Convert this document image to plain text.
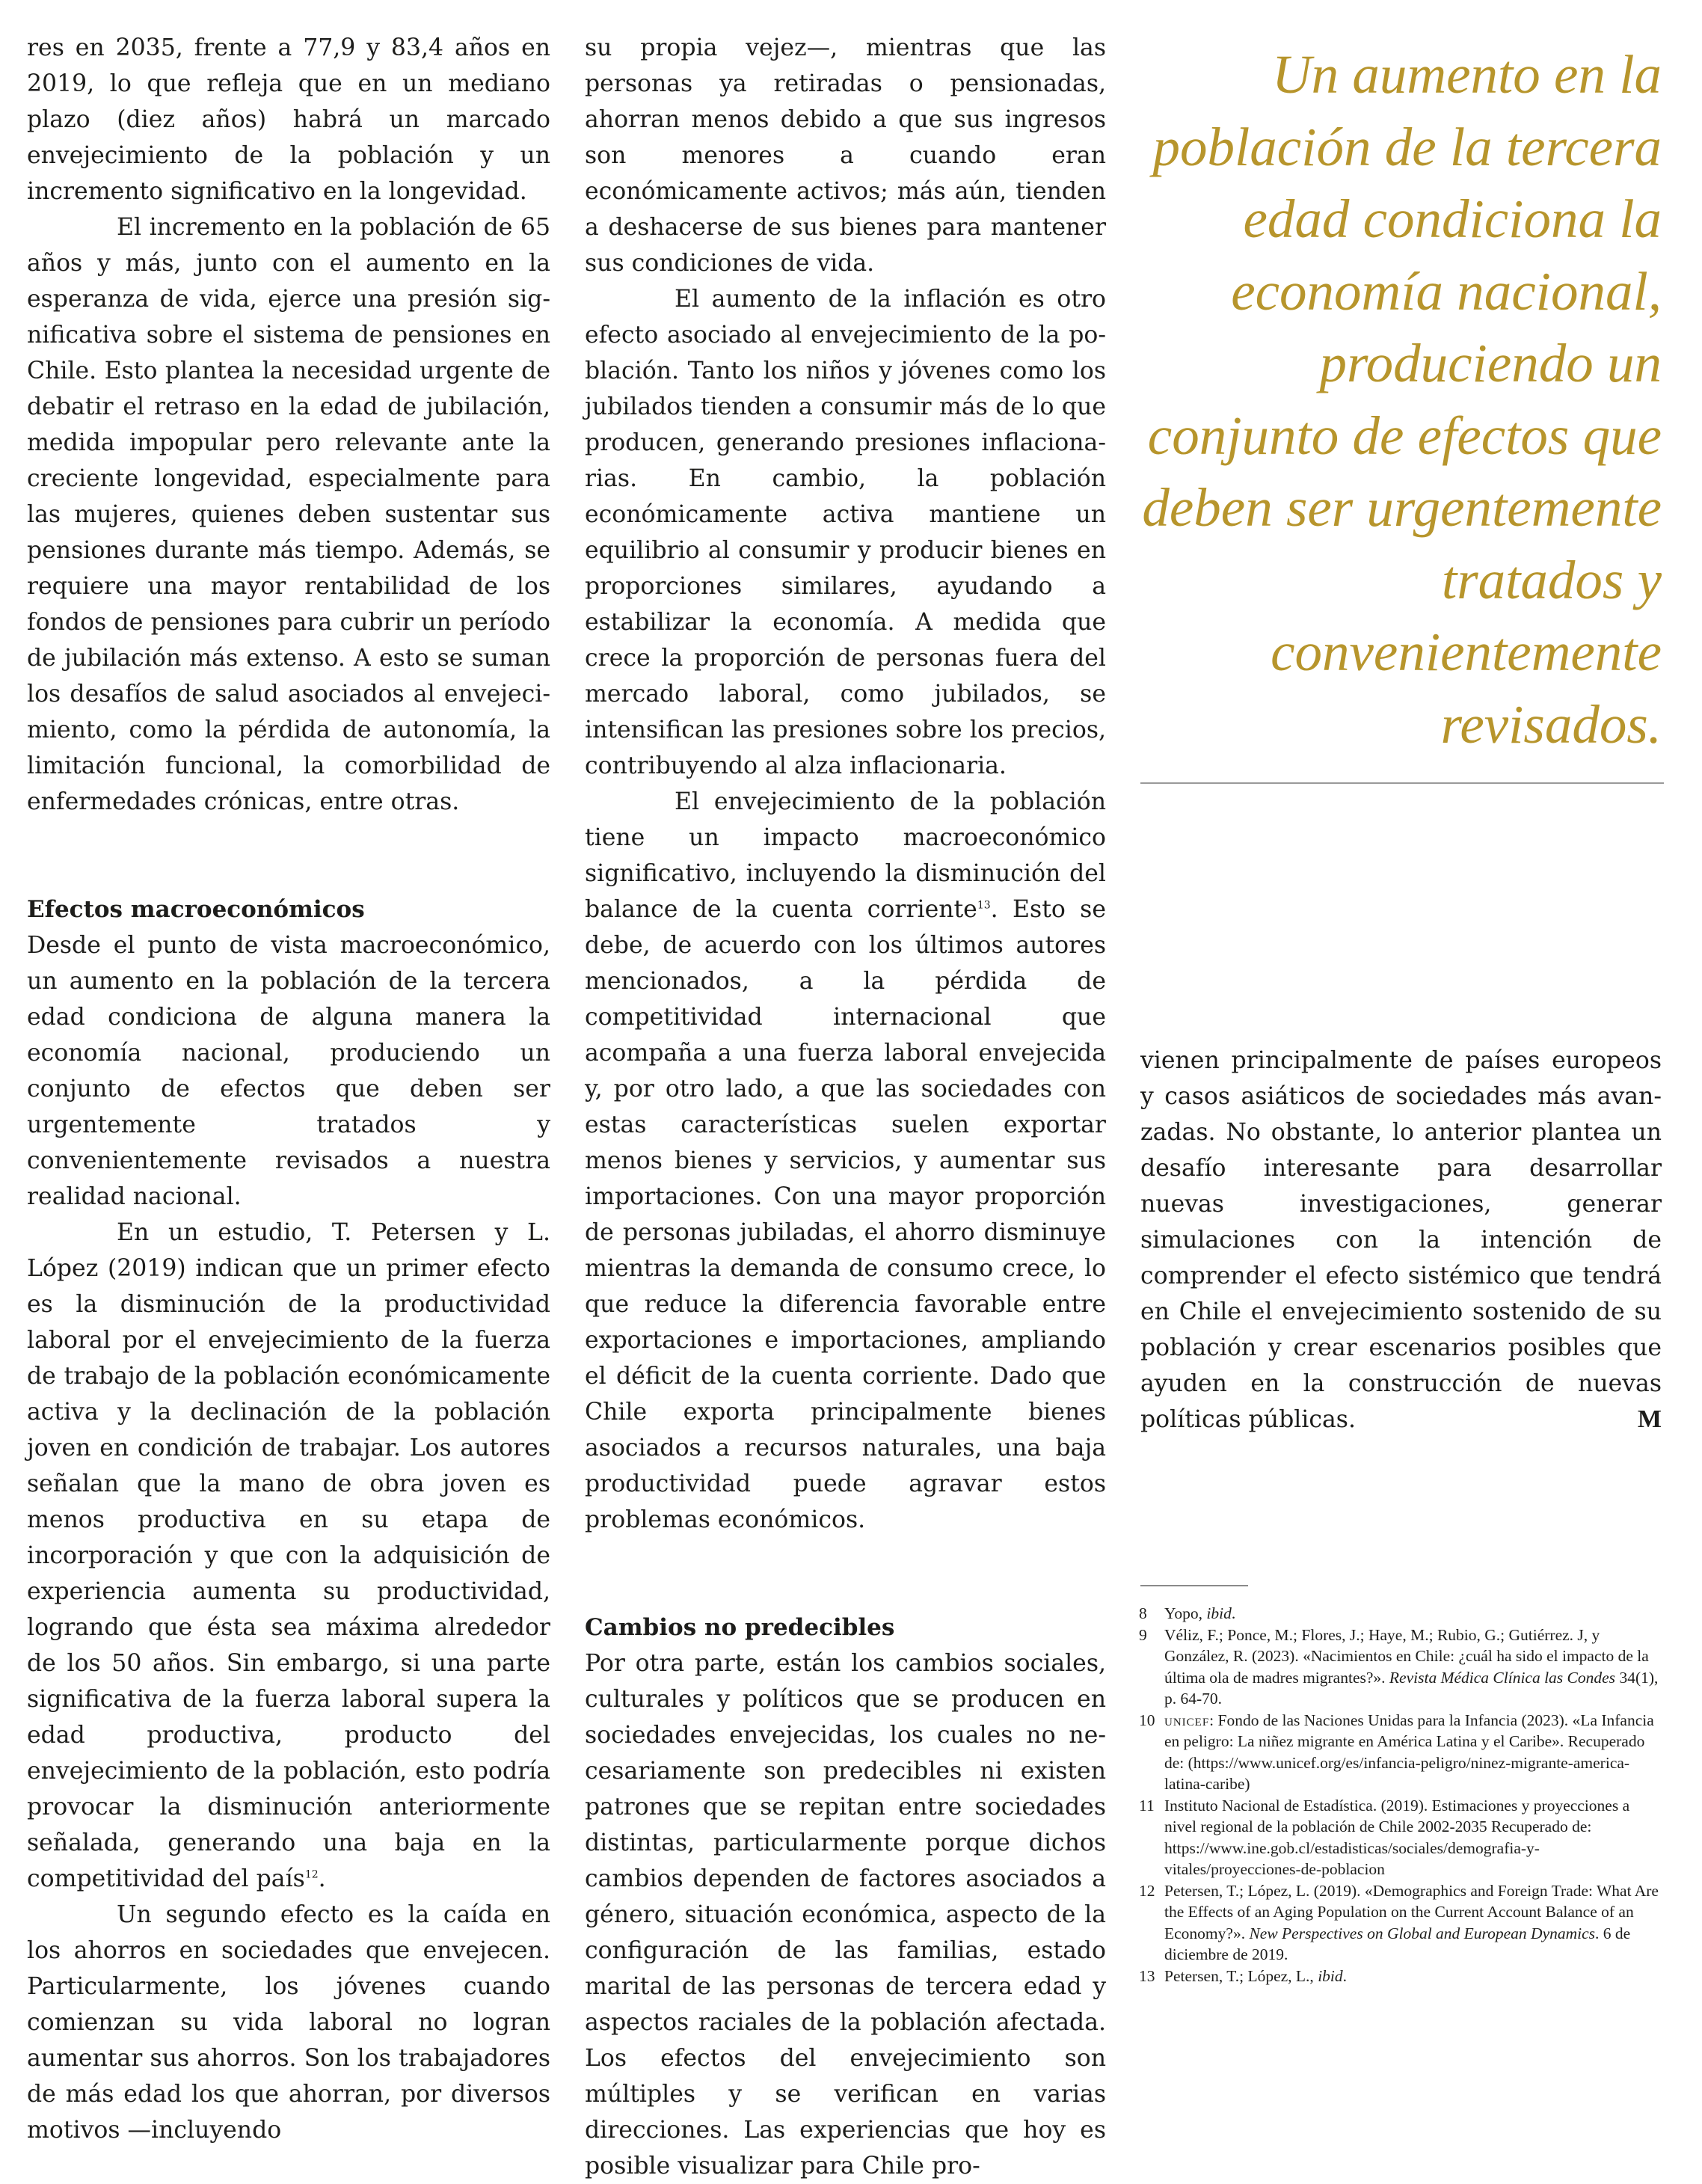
res en 2035, frente a 77,9 y 83,4 años en 2019, lo que refleja que en un mediano plazo (diez años) habrá un marcado envejecimiento de la población y un incremento significativo en la longevidad.

El incremento en la población de 65 años y más, junto con el aumento en la esperanza de vida, ejerce una presión significativa sobre el sistema de pensiones en Chile. Esto plantea la necesidad urgente de debatir el retraso en la edad de jubilación, medida impopular pero relevante ante la creciente longevidad, especialmente para las mujeres, quienes deben sustentar sus pensiones durante más tiempo. Además, se requiere una mayor rentabilidad de los fondos de pensiones para cubrir un período de jubilación más extenso. A esto se suman los desafíos de salud asociados al envejecimiento, como la pérdida de autonomía, la limitación funcional, la comorbilidad de enfermedades crónicas, entre otras.

Efectos macroeconómicos

Desde el punto de vista macroeconómico, un aumento en la población de la tercera edad condiciona de alguna manera la economía nacional, produciendo un conjunto de efectos que deben ser urgentemente tratados y convenientemente revisados a nuestra realidad nacional.

En un estudio, T. Petersen y L. López (2019) indican que un primer efecto es la disminución de la productividad laboral por el envejecimiento de la fuerza de trabajo de la población económicamente activa y la declinación de la población joven en condición de trabajar. Los autores señalan que la mano de obra joven es menos productiva en su etapa de incorporación y que con la adquisición de experiencia aumenta su productividad, logrando que ésta sea máxima alrededor de los 50 años. Sin embargo, si una parte significativa de la fuerza laboral supera la edad productiva, producto del envejecimiento de la población, esto podría provocar la disminución anteriormente señalada, generando una baja en la competitividad del país$^{12}$.

Un segundo efecto es la caída en los ahorros en sociedades que envejecen. Particularmente, los jóvenes cuando comienzan su vida laboral no logran aumentar sus ahorros. Son los trabajadores de más edad los que ahorran, por diversos motivos —incluyendo

su propia vejez—, mientras que las personas ya retiradas o pensionadas, ahorran menos debido a que sus ingresos son menores a cuando eran económicamente activos; más aún, tienden a deshacerse de sus bienes para mantener sus condiciones de vida.

El aumento de la inflación es otro efecto asociado al envejecimiento de la población. Tanto los niños y jóvenes como los jubilados tienden a consumir más de lo que producen, generando presiones inflacionarias. En cambio, la población económicamente activa mantiene un equilibrio al consumir y producir bienes en proporciones similares, ayudando a estabilizar la economía. A medida que crece la proporción de personas fuera del mercado laboral, como jubilados, se intensifican las presiones sobre los precios, contribuyendo al alza inflacionaria.

El envejecimiento de la población tiene un impacto macroeconómico significativo, incluyendo la disminución del balance de la cuenta corriente$^{13}$. Esto se debe, de acuerdo con los últimos autores mencionados, a la pérdida de competitividad internacional que acompaña a una fuerza laboral envejecida y, por otro lado, a que las sociedades con estas características suelen exportar menos bienes y servicios, y aumentar sus importaciones. Con una mayor proporción de personas jubiladas, el ahorro disminuye mientras la demanda de consumo crece, lo que reduce la diferencia favorable entre exportaciones e importaciones, ampliando el déficit de la cuenta corriente. Dado que Chile exporta principalmente bienes asociados a recursos naturales, una baja productividad puede agravar estos problemas económicos.

Cambios no predecibles

Por otra parte, están los cambios sociales, culturales y políticos que se producen en sociedades envejecidas, los cuales no necesariamente son predecibles ni existen patrones que se repitan entre sociedades distintas, particularmente porque dichos cambios dependen de factores asociados a género, situación económica, aspecto de la configuración de las familias, estado marital de las personas de tercera edad y aspectos raciales de la población afectada. Los efectos del envejecimiento son múltiples y se verifican en varias direcciones. Las experiencias que hoy es posible visualizar para Chile pro-

Un aumento en la población de la tercera edad condiciona la economía nacional, produciendo un conjunto de efectos que deben ser urgentemente tratados y convenientemente revisados.

vienen principalmente de países europeos y casos asiáticos de sociedades más avanzadas. No obstante, lo anterior plantea un desafío interesante para desarrollar nuevas investigaciones, generar simulaciones con la intención de comprender el efecto sistémico que tendrá en Chile el envejecimiento sostenido de su población y crear escenarios posibles que ayuden en la construcción de nuevas políticas públicas.	M

8	Yopo, ibid.
9	Véliz, F.; Ponce, M.; Flores, J.; Haye, M.; Rubio, G.; Gutiérrez. J, y González, R. (2023). «Nacimientos en Chile: ¿cuál ha sido el impacto de la última ola de madres migrantes?». Revista Médica Clínica las Condes 34(1), p. 64-70.
10 unicef: Fondo de las Naciones Unidas para la Infancia (2023). «La Infancia en peligro: La niñez migrante en América Latina y el Caribe». Recuperado de: (https://www.unicef.org/es/infancia-peligro/ninez-migrante-america-latina-caribe)
11 Instituto Nacional de Estadística. (2019). Estimaciones y proyecciones a nivel regional de la población de Chile 2002-2035 Recuperado de: https://www.ine.gob.cl/estadisticas/sociales/demografia-y-vitales/proyecciones-de-poblacion
12 Petersen, T.; López, L. (2019). «Demographics and Foreign Trade: What Are the Effects of an Aging Population on the Current Account Balance of an Economy?». New Perspectives on Global and European Dynamics. 6 de diciembre de 2019.
13 Petersen, T.; López, L., ibid.
